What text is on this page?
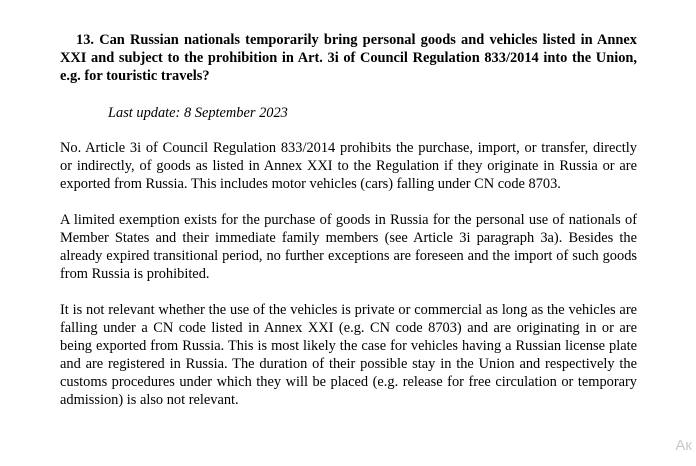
13. Can Russian nationals temporarily bring personal goods and vehicles listed in Annex XXI and subject to the prohibition in Art. 3i of Council Regulation 833/2014 into the Union, e.g. for touristic travels?

Last update: 8 September 2023

No. Article 3i of Council Regulation 833/2014 prohibits the purchase, import, or transfer, directly or indirectly, of goods as listed in Annex XXI to the Regulation if they originate in Russia or are exported from Russia. This includes motor vehicles (cars) falling under CN code 8703.

A limited exemption exists for the purchase of goods in Russia for the personal use of nationals of Member States and their immediate family members (see Article 3i paragraph 3a). Besides the already expired transitional period, no further exceptions are foreseen and the import of such goods from Russia is prohibited.

It is not relevant whether the use of the vehicles is private or commercial as long as the vehicles are falling under a CN code listed in Annex XXI (e.g. CN code 8703) and are originating in or are being exported from Russia. This is most likely the case for vehicles having a Russian license plate and are registered in Russia. The duration of their possible stay in the Union and respectively the customs procedures under which they will be placed (e.g. release for free circulation or temporary admission) is also not relevant.

Ак
